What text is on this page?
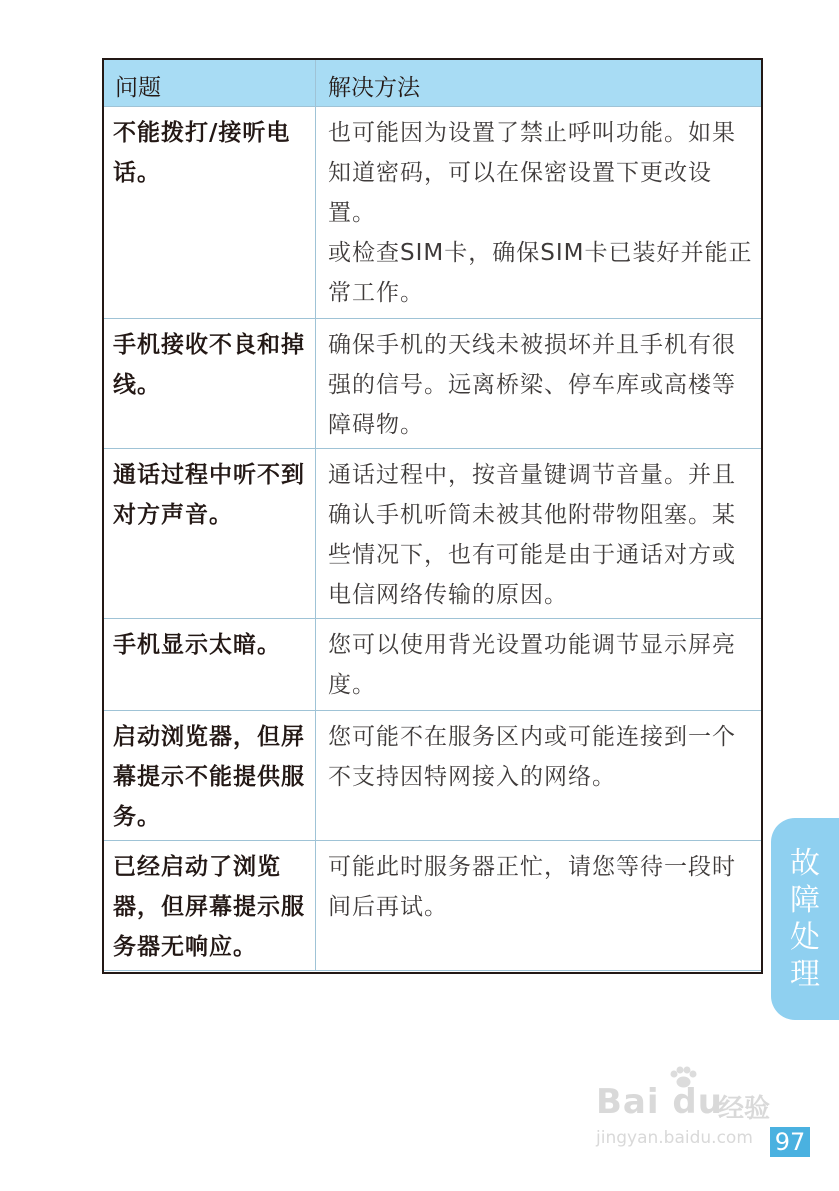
问题	解决方法
不能拨打/接听电话。	也可能因为设置了禁止呼叫功能。如果知道密码，可以在保密设置下更改设置。
或检查SIM卡，确保SIM卡已装好并能正常工作。

手机接收不良和掉线。	确保手机的天线未被损坏并且手机有很强的信号。远离桥梁、停车库或高楼等障碍物。
通话过程中听不到对方声音。	通话过程中，按音量键调节音量。并且确认手机听筒未被其他附带物阻塞。某些情况下，也有可能是由于通话对方或电信网络传输的原因。
手机显示太暗。	您可以使用背光设置功能调节显示屏亮度。
启动浏览器，但屏幕提示不能提供服务。	您可能不在服务区内或可能连接到一个不支持因特网接入的网络。
已经启动了浏览器，但屏幕提示服务器无响应。	可能此时服务器正忙，请您等待一段时间后再试。
故
障
处
理
Bai du
经验
jingyan.baidu.com 97
